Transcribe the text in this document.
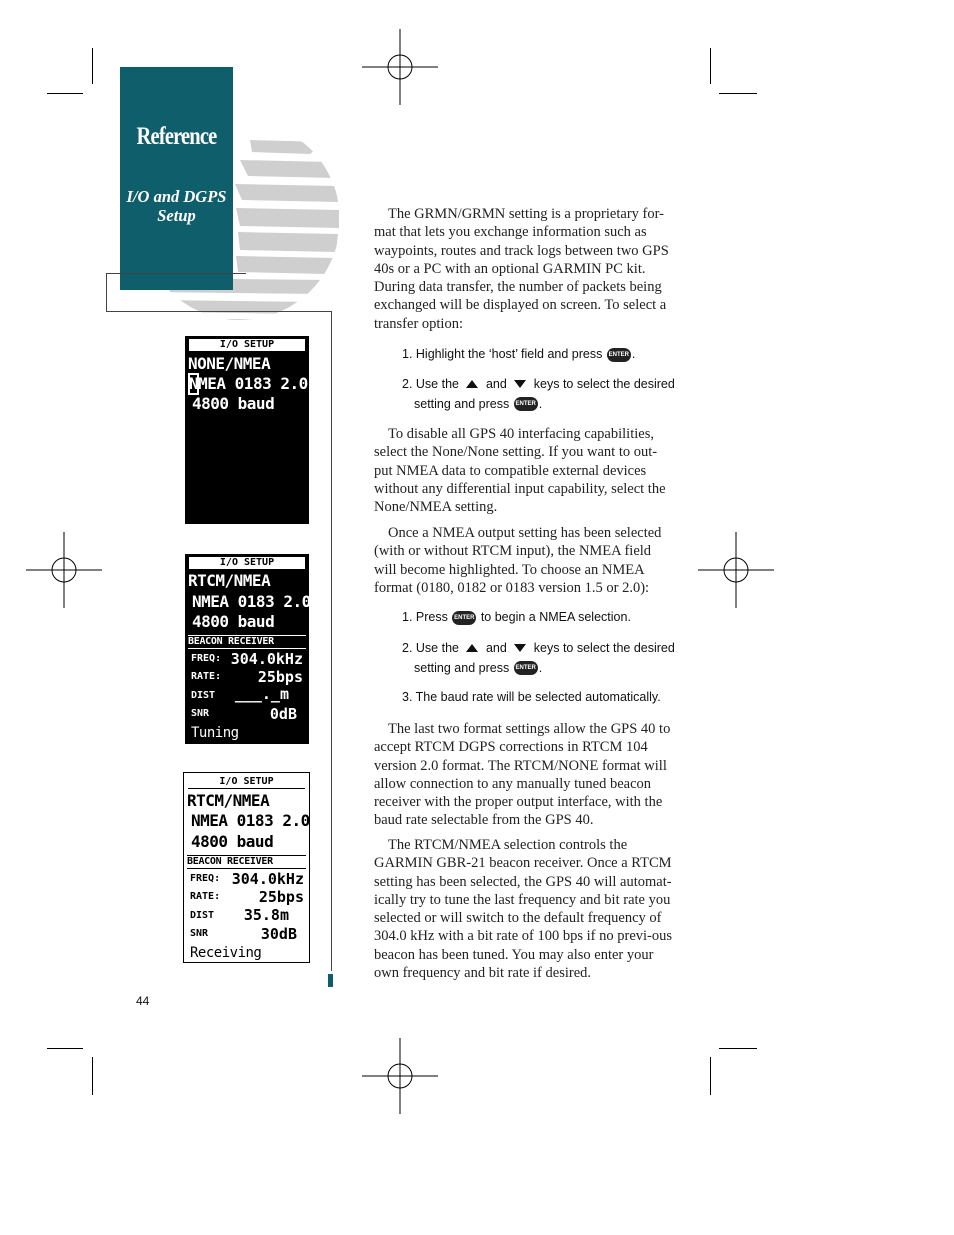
Reference
I/O and DGPS Setup
I/O SETUP
NONE/NMEA
NMEA 0183 2.0
4800 baud
I/O SETUP
RTCM/NMEA
NMEA 0183 2.0
4800 baud
BEACON RECEIVER
FREQ: 304.0kHz
RATE: 25bps
DIST ___._m
SNR	0dB
Tuning
I/O SETUP
RTCM/NMEA
NMEA 0183 2.0
4800 baud
BEACON RECEIVER
FREQ: 304.0kHz
RATE:	25bps
DIST 35.8m
SNR	30dB
Receiving
The GRMN/GRMN setting is a proprietary for-mat that lets you exchange information such as waypoints, routes and track logs between two GPS 40s or a PC with an optional GARMIN PC kit. During data transfer, the number of packets being exchanged will be displayed on screen. To select a transfer option:
1. Highlight the ‘host’ field and press ENTER .
2. Use the and keys to select the desired
setting and press ENTER .
To disable all GPS 40 interfacing capabilities, select the None/None setting. If you want to out-put NMEA data to compatible external devices without any differential input capability, select the None/NMEA setting.
Once a NMEA output setting has been selected (with or without RTCM input), the NMEA field will become highlighted. To choose an NMEA format (0180, 0182 or 0183 version 1.5 or 2.0):
1. Press ENTER to begin a NMEA selection.
2. Use the and keys to select the desired
setting and press ENTER .
3. The baud rate will be selected automatically.
The last two format settings allow the GPS 40 to accept RTCM DGPS corrections in RTCM 104 version 2.0 format. The RTCM/NONE format will allow connection to any manually tuned beacon receiver with the proper output interface, with the baud rate selectable from the GPS 40.
The RTCM/NMEA selection controls the GARMIN GBR-21 beacon receiver. Once a RTCM setting has been selected, the GPS 40 will automat-ically try to tune the last frequency and bit rate you selected or will switch to the default frequency of 304.0 kHz with a bit rate of 100 bps if no previ-ous beacon has been tuned. You may also enter your own frequency and bit rate if desired.
44
